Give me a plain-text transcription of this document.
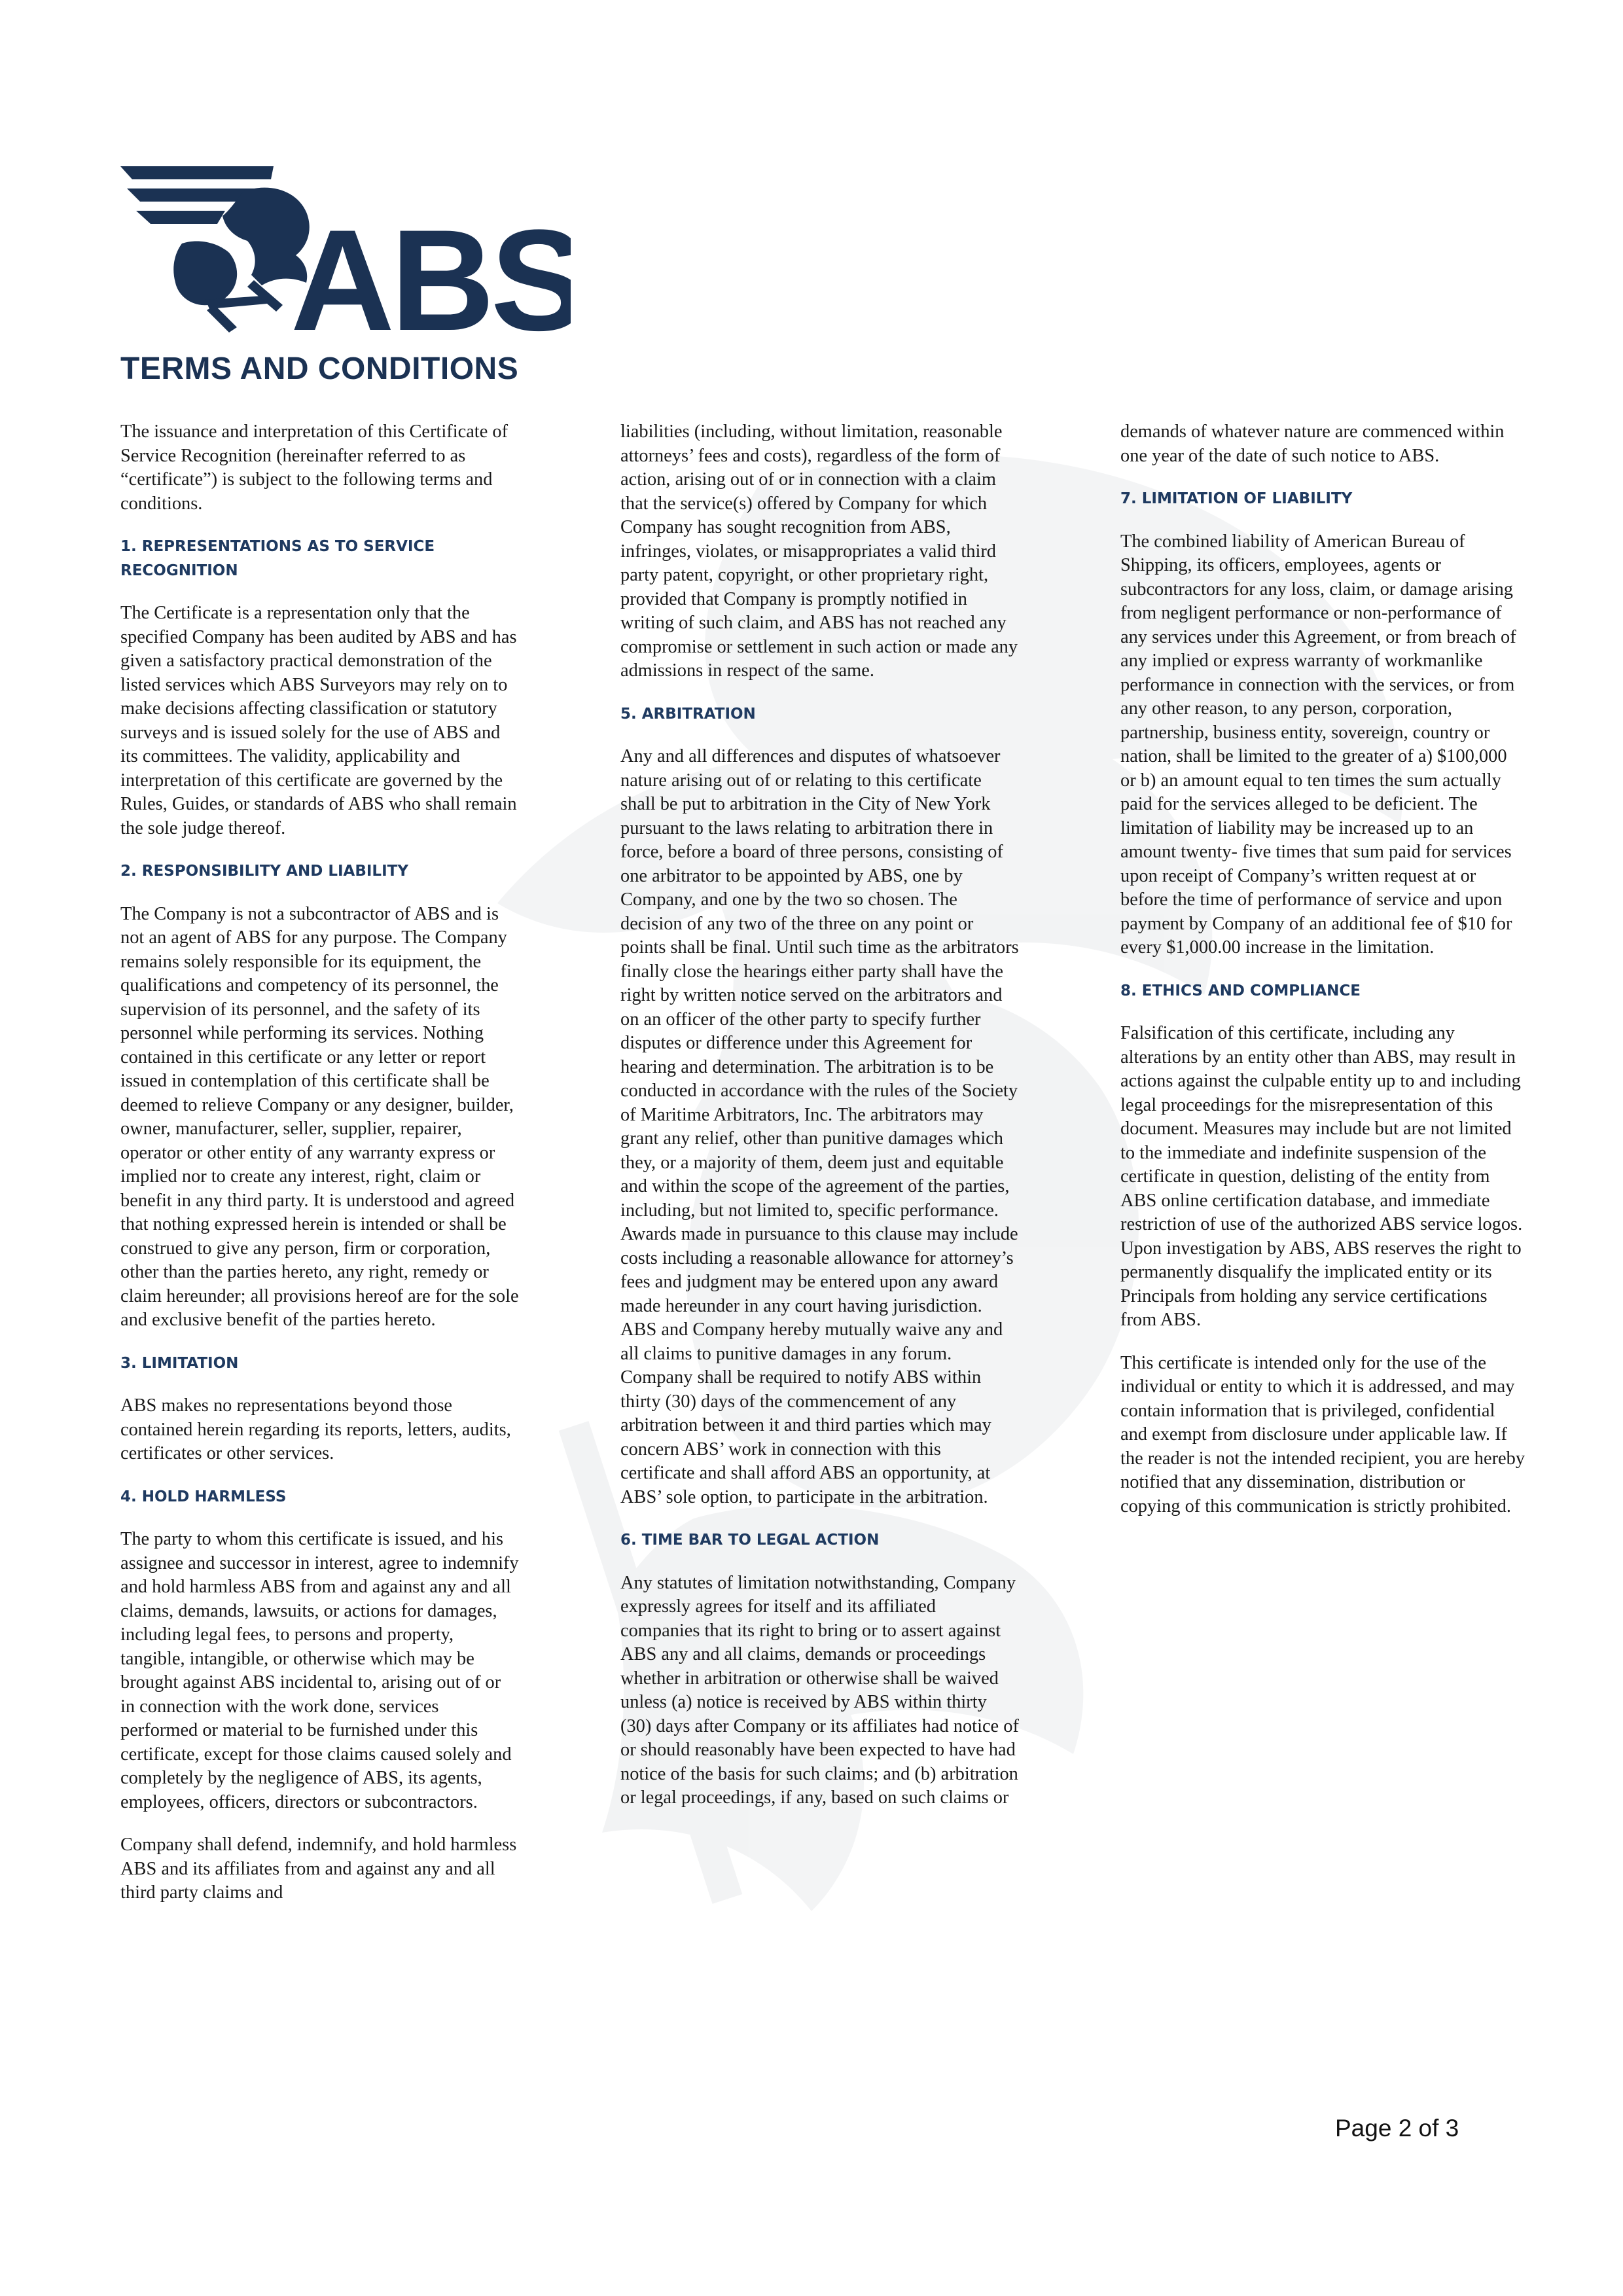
ABS
TERMS AND CONDITIONS

The issuance and interpretation of this Certificate of Service Recognition (hereinafter referred to as “certificate”) is subject to the following terms and conditions.

1. REPRESENTATIONS AS TO SERVICE RECOGNITION

The Certificate is a representation only that the specified Company has been audited by ABS and has given a satisfactory practical demonstration of the listed services which ABS Surveyors may rely on to make decisions affecting classification or statutory surveys and is issued solely for the use of ABS and its committees. The validity, applicability and interpretation of this certificate are governed by the Rules, Guides, or standards of ABS who shall remain the sole judge thereof.

2. RESPONSIBILITY AND LIABILITY

The Company is not a subcontractor of ABS and is not an agent of ABS for any purpose. The Company remains solely responsible for its equipment, the qualifications and competency of its personnel, the supervision of its personnel, and the safety of its personnel while performing its services. Nothing contained in this certificate or any letter or report issued in contemplation of this certificate shall be deemed to relieve Company or any designer, builder, owner, manufacturer, seller, supplier, repairer, operator or other entity of any warranty express or implied nor to create any interest, right, claim or benefit in any third party. It is understood and agreed that nothing expressed herein is intended or shall be construed to give any person, firm or corporation, other than the parties hereto, any right, remedy or claim hereunder; all provisions hereof are for the sole and exclusive benefit of the parties hereto.

3. LIMITATION

ABS makes no representations beyond those contained herein regarding its reports, letters, audits, certificates or other services.

4. HOLD HARMLESS

The party to whom this certificate is issued, and his assignee and successor in interest, agree to indemnify and hold harmless ABS from and against any and all claims, demands, lawsuits, or actions for damages, including legal fees, to persons and property, tangible, intangible, or otherwise which may be brought against ABS incidental to, arising out of or in connection with the work done, services performed or material to be furnished under this certificate, except for those claims caused solely and completely by the negligence of ABS, its agents, employees, officers, directors or subcontractors.

Company shall defend, indemnify, and hold harmless ABS and its affiliates from and against any and all third party claims and

liabilities (including, without limitation, reasonable attorneys’ fees and costs), regardless of the form of action, arising out of or in connection with a claim that the service(s) offered by Company for which Company has sought recognition from ABS, infringes, violates, or misappropriates a valid third party patent, copyright, or other proprietary right, provided that Company is promptly notified in writing of such claim, and ABS has not reached any compromise or settlement in such action or made any admissions in respect of the same.

5. ARBITRATION

Any and all differences and disputes of whatsoever nature arising out of or relating to this certificate shall be put to arbitration in the City of New York pursuant to the laws relating to arbitration there in force, before a board of three persons, consisting of one arbitrator to be appointed by ABS, one by Company, and one by the two so chosen. The decision of any two of the three on any point or points shall be final. Until such time as the arbitrators finally close the hearings either party shall have the right by written notice served on the arbitrators and on an officer of the other party to specify further disputes or difference under this Agreement for hearing and determination. The arbitration is to be conducted in accordance with the rules of the Society of Maritime Arbitrators, Inc. The arbitrators may grant any relief, other than punitive damages which they, or a majority of them, deem just and equitable and within the scope of the agreement of the parties, including, but not limited to, specific performance. Awards made in pursuance to this clause may include costs including a reasonable allowance for attorney’s fees and judgment may be entered upon any award made hereunder in any court having jurisdiction. ABS and Company hereby mutually waive any and all claims to punitive damages in any forum. Company shall be required to notify ABS within thirty (30) days of the commencement of any arbitration between it and third parties which may concern ABS’ work in connection with this certificate and shall afford ABS an opportunity, at ABS’ sole option, to participate in the arbitration.

6. TIME BAR TO LEGAL ACTION

Any statutes of limitation notwithstanding, Company expressly agrees for itself and its affiliated companies that its right to bring or to assert against ABS any and all claims, demands or proceedings whether in arbitration or otherwise shall be waived unless (a) notice is received by ABS within thirty (30) days after Company or its affiliates had notice of or should reasonably have been expected to have had notice of the basis for such claims; and (b) arbitration or legal proceedings, if any, based on such claims or

demands of whatever nature are commenced within one year of the date of such notice to ABS.

7. LIMITATION OF LIABILITY

The combined liability of American Bureau of Shipping, its officers, employees, agents or subcontractors for any loss, claim, or damage arising from negligent performance or non-performance of any services under this Agreement, or from breach of any implied or express warranty of workmanlike performance in connection with the services, or from any other reason, to any person, corporation, partnership, business entity, sovereign, country or nation, shall be limited to the greater of a) $100,000 or b) an amount equal to ten times the sum actually paid for the services alleged to be deficient. The limitation of liability may be increased up to an amount twenty- five times that sum paid for services upon receipt of Company’s written request at or before the time of performance of service and upon payment by Company of an additional fee of $10 for every $1,000.00 increase in the limitation.

8. ETHICS AND COMPLIANCE

Falsification of this certificate, including any alterations by an entity other than ABS, may result in actions against the culpable entity up to and including legal proceedings for the misrepresentation of this document. Measures may include but are not limited to the immediate and indefinite suspension of the certificate in question, delisting of the entity from ABS online certification database, and immediate restriction of use of the authorized ABS service logos. Upon investigation by ABS, ABS reserves the right to permanently disqualify the implicated entity or its Principals from holding any service certifications from ABS.

This certificate is intended only for the use of the individual or entity to which it is addressed, and may contain information that is privileged, confidential and exempt from disclosure under applicable law. If the reader is not the intended recipient, you are hereby notified that any dissemination, distribution or copying of this communication is strictly prohibited.

Page 2 of 3
